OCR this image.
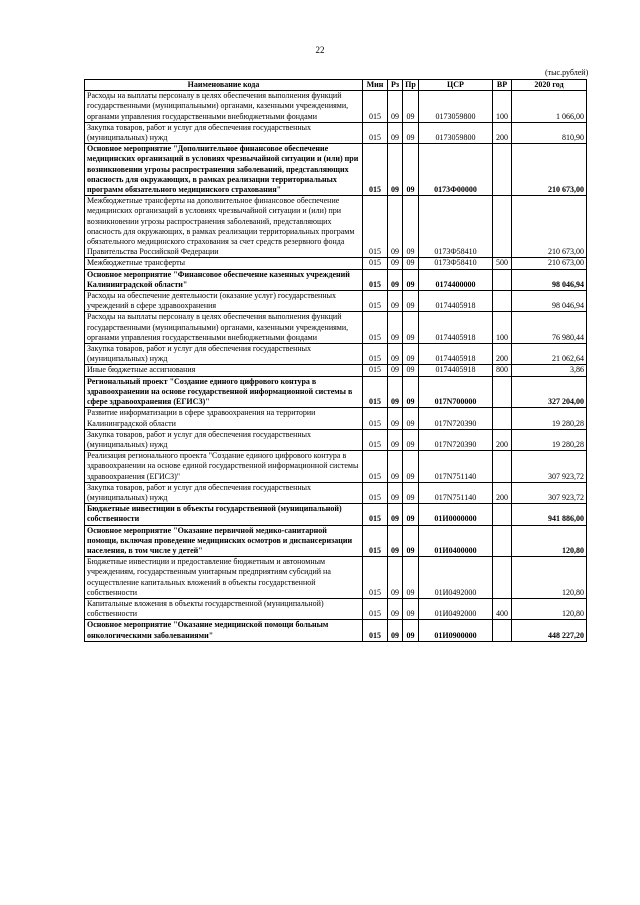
22
(тыс.рублей)
Наименование кода	Мин	Рз	Пр	ЦСР	ВР	2020 год
Расходы на выплаты персоналу в целях обеспечения выполнения функций государственными (муниципальными) органами, казенными учреждениями, органами управления государственными внебюджетными фондами	015	09	09	0173059800	100	1 066,00
Закупка товаров, работ и услуг для обеспечения государственных (муниципальных) нужд	015	09	09	0173059800	200	810,90
Основное мероприятие "Дополнительное финансовое обеспечение медицинских организаций в условиях чрезвычайной ситуации и (или) при возникновении угрозы распространения заболеваний, представляющих опасность для окружающих, в рамках реализации территориальных программ обязательного медицинского страхования"	015	09	09	0173Ф00000		210 673,00
Межбюджетные трансферты на дополнительное финансовое обеспечение медицинских организаций в условиях чрезвычайной ситуации и (или) при возникновении угрозы распространения заболеваний, представляющих опасность для окружающих, в рамках реализации территориальных программ обязательного медицинского страхования за счет средств резервного фонда Правительства Российской Федерации	015	09	09	0173Ф58410		210 673,00
Межбюджетные трансферты	015	09	09	0173Ф58410	500	210 673,00
Основное мероприятие "Финансовое обеспечение казенных учреждений Калининградской области"	015	09	09	0174400000		98 046,94
Расходы на обеспечение деятельности (оказание услуг) государственных учреждений в сфере здравоохранения	015	09	09	0174405918		98 046,94
Расходы на выплаты персоналу в целях обеспечения выполнения функций государственными (муниципальными) органами, казенными учреждениями, органами управления государственными внебюджетными фондами	015	09	09	0174405918	100	76 980,44
Закупка товаров, работ и услуг для обеспечения государственных (муниципальных) нужд	015	09	09	0174405918	200	21 062,64
Иные бюджетные ассигнования	015	09	09	0174405918	800	3,86
Региональный проект "Создание единого цифрового контура в здравоохранении на основе государственной информационной системы в сфере здравоохранения (ЕГИСЗ)"	015	09	09	017N700000		327 204,00
Развитие информатизации в сфере здравоохранения на территории Калининградской области	015	09	09	017N720390		19 280,28
Закупка товаров, работ и услуг для обеспечения государственных (муниципальных) нужд	015	09	09	017N720390	200	19 280,28
Реализация регионального проекта "Создание единого цифрового контура в здравоохранении на основе единой государственной информационной системы здравоохранения (ЕГИСЗ)"	015	09	09	017N751140		307 923,72
Закупка товаров, работ и услуг для обеспечения государственных (муниципальных) нужд	015	09	09	017N751140	200	307 923,72
Бюджетные инвестиции в объекты государственной (муниципальной) собственности	015	09	09	01И0000000		941 886,00
Основное мероприятие "Оказание первичной медико-санитарной помощи, включая проведение медицинских осмотров и диспансеризации населения, в том числе у детей"	015	09	09	01И0400000		120,80
Бюджетные инвестиции и предоставление бюджетным и автономным учреждениям, государственным унитарным предприятиям субсидий на осуществление капитальных вложений в объекты государственной собственности	015	09	09	01И0492000		120,80
Капитальные вложения в объекты государственной (муниципальной) собственности	015	09	09	01И0492000	400	120,80
Основное мероприятие "Оказание медицинской помощи больным онкологическими заболеваниями"	015	09	09	01И0900000		448 227,20
